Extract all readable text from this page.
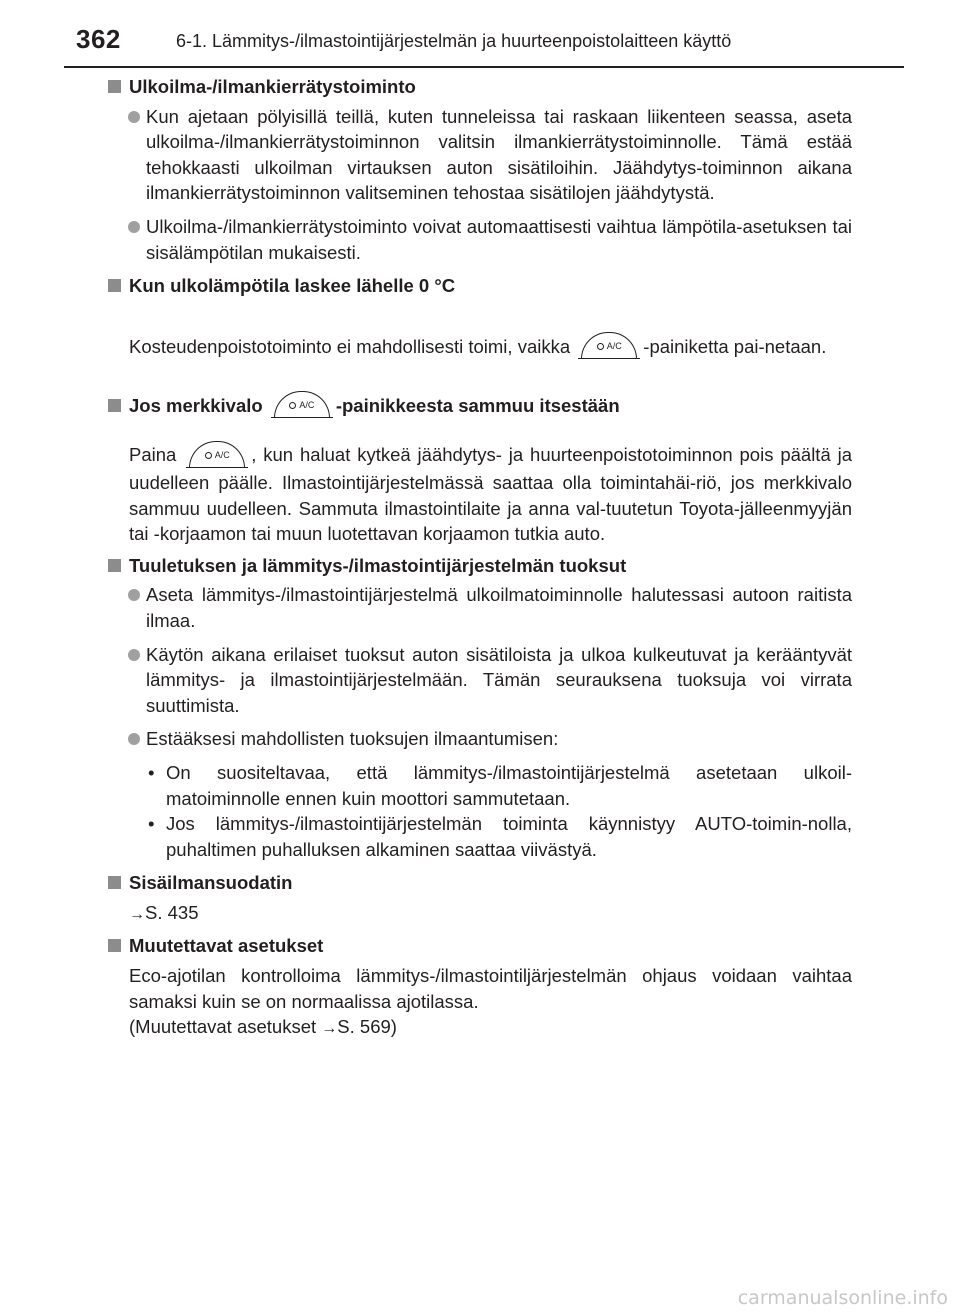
362	6-1. Lämmitys-/ilmastointijärjestelmän ja huurteenpoistolaitteen käyttö
Ulkoilma-/ilmankierrätystoiminto
Kun ajetaan pölyisillä teillä, kuten tunneleissa tai raskaan liikenteen seassa, aseta ulkoilma-/ilmankierrätystoiminnon valitsin ilmankierrätystoiminnolle. Tämä estää tehokkaasti ulkoilman virtauksen auton sisätiloihin. Jäähdytys-toiminnon aikana ilmankierrätystoiminnon valitseminen tehostaa sisätilojen jäähdytystä.
Ulkoilma-/ilmankierrätystoiminto voivat automaattisesti vaihtua lämpötila-asetuksen tai sisälämpötilan mukaisesti.
Kun ulkolämpötila laskee lähelle 0 °C
Kosteudenpoistotoiminto ei mahdollisesti toimi, vaikka	A/C -painiketta pai-netaan.
Jos merkkivalo	A/C -painikkeesta sammuu itsestään
Paina	A/C , kun haluat kytkeä jäähdytys- ja huurteenpoistotoiminnon pois päältä ja uudelleen päälle. Ilmastointijärjestelmässä saattaa olla toimintahäi-riö, jos merkkivalo sammuu uudelleen. Sammuta ilmastointilaite ja anna val-tuutetun Toyota-jälleenmyyjän tai -korjaamon tai muun luotettavan korjaamon tutkia auto.
Tuuletuksen ja lämmitys-/ilmastointijärjestelmän tuoksut
Aseta lämmitys-/ilmastointijärjestelmä ulkoilmatoiminnolle halutessasi autoon raitista ilmaa.
Käytön aikana erilaiset tuoksut auton sisätiloista ja ulkoa kulkeutuvat ja kerääntyvät lämmitys- ja ilmastointijärjestelmään. Tämän seurauksena tuoksuja voi virrata suuttimista.
Estääksesi mahdollisten tuoksujen ilmaantumisen:
• On suositeltavaa, että lämmitys-/ilmastointijärjestelmä asetetaan ulkoil-matoiminnolle ennen kuin moottori sammutetaan.
• Jos lämmitys-/ilmastointijärjestelmän toiminta käynnistyy AUTO-toimin-nolla, puhaltimen puhalluksen alkaminen saattaa viivästyä.
Sisäilmansuodatin
→S. 435
Muutettavat asetukset
Eco-ajotilan kontrolloima lämmitys-/ilmastointiljärjestelmän ohjaus voidaan vaihtaa samaksi kuin se on normaalissa ajotilassa.
(Muutettavat asetukset →S. 569)
carmanualsonline.info
